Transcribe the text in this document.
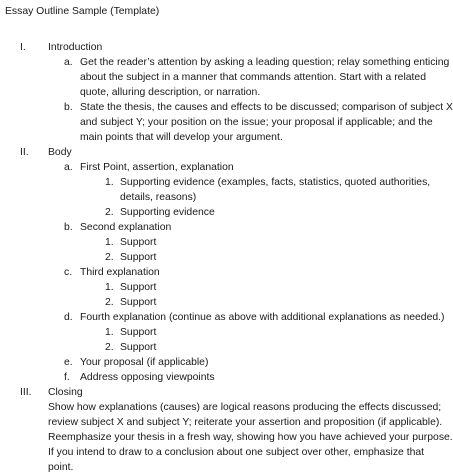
Essay Outline Sample (Template)
I. Introduction
a. Get the reader’s attention by asking a leading question; relay something enticing
about the subject in a manner that commands attention. Start with a related
quote, alluring description, or narration.
b. State the thesis, the causes and effects to be discussed; comparison of subject X
and subject Y; your position on the issue; your proposal if applicable; and the
main points that will develop your argument.
II. Body
a. First Point, assertion, explanation
1. Supporting evidence (examples, facts, statistics, quoted authorities,
details, reasons)
2. Supporting evidence
b. Second explanation
1. Support
2. Support
c. Third explanation
1. Support
2. Support
d. Fourth explanation (continue as above with additional explanations as needed.)
1. Support
2. Support
e. Your proposal (if applicable)
f. Address opposing viewpoints
III. Closing
Show how explanations (causes) are logical reasons producing the effects discussed;
review subject X and subject Y; reiterate your assertion and proposition (if applicable).
Reemphasize your thesis in a fresh way, showing how you have achieved your purpose.
If you intend to draw to a conclusion about one subject over other, emphasize that
point.
